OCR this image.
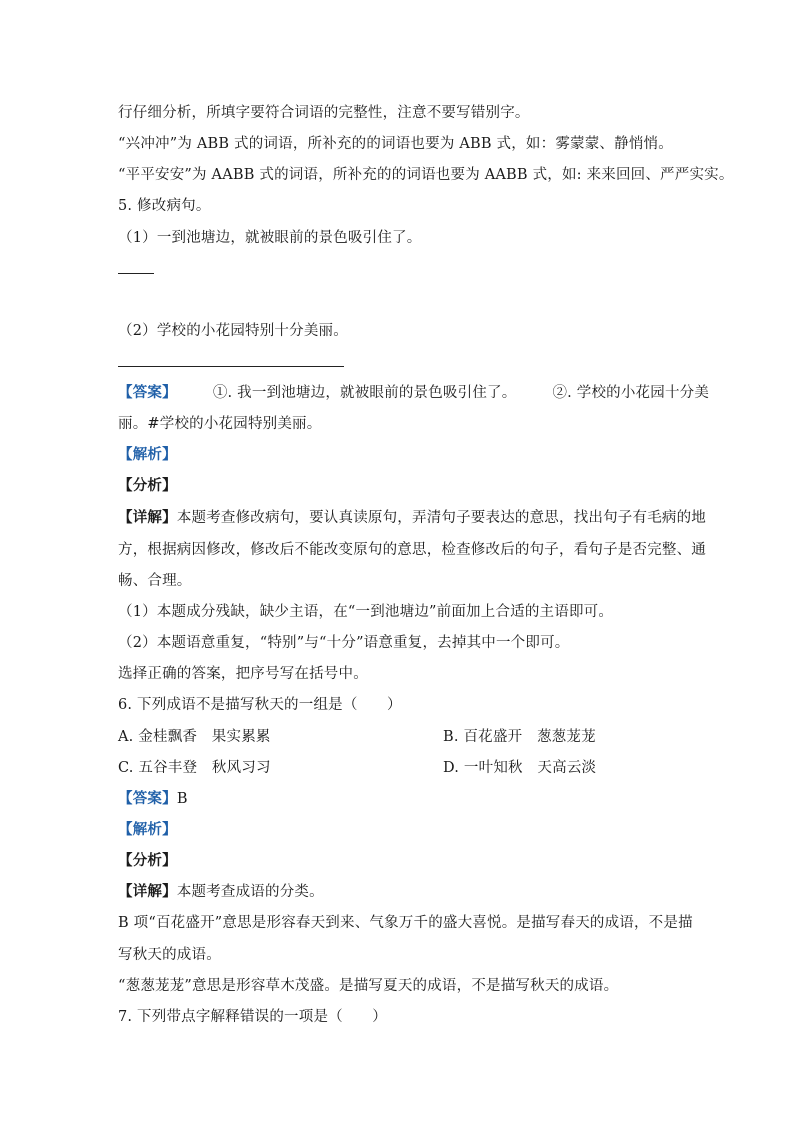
行仔细分析，所填字要符合词语的完整性，注意不要写错别字。
“兴冲冲”为 ABB 式的词语，所补充的的词语也要为 ABB 式，如：雾蒙蒙、静悄悄。
“平平安安”为 AABB 式的词语，所补充的的词语也要为 AABB 式，如: 来来回回、严严实实。
5. 修改病句。
（1）一到池塘边，就被眼前的景色吸引住了。
（2）学校的小花园特别十分美丽。
【答案】 ①. 我一到池塘边，就被眼前的景色吸引住了。 ②. 学校的小花园十分美
丽。#学校的小花园特别美丽。
【解析】
【分析】
【详解】本题考查修改病句，要认真读原句，弄清句子要表达的意思，找出句子有毛病的地
方，根据病因修改，修改后不能改变原句的意思，检查修改后的句子，看句子是否完整、通
畅、合理。
（1）本题成分残缺，缺少主语，在“一到池塘边”前面加上合适的主语即可。
（2）本题语意重复，“特别”与“十分”语意重复，去掉其中一个即可。
选择正确的答案，把序号写在括号中。
6. 下列成语不是描写秋天的一组是（　　）
A. 金桂飘香　果实累累	B. 百花盛开　葱葱茏茏
C. 五谷丰登　秋风习习	D. 一叶知秋　天高云淡
【答案】B
【解析】
【分析】
【详解】本题考查成语的分类。
B 项“百花盛开”意思是形容春天到来、气象万千的盛大喜悦。是描写春天的成语，不是描
写秋天的成语。
“葱葱茏茏”意思是形容草木茂盛。是描写夏天的成语，不是描写秋天的成语。
7. 下列带点字解释错误的一项是（　　）
